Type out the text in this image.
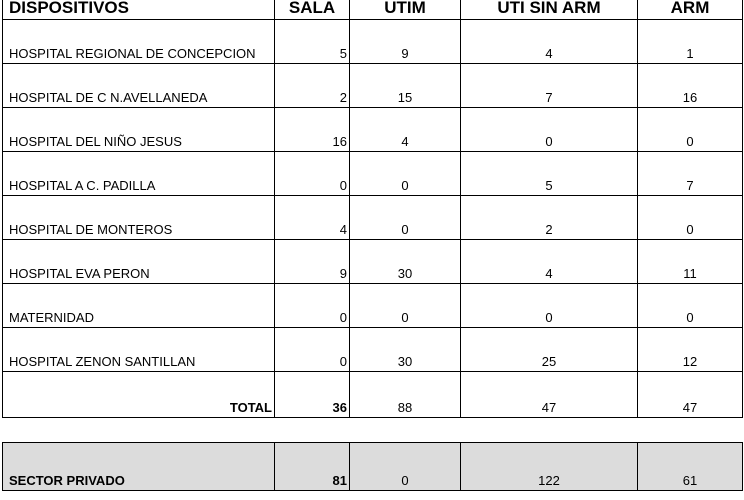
DISPOSITIVOS	SALA	UTIM	UTI SIN ARM	ARM
HOSPITAL REGIONAL DE CONCEPCION	5	9	4	1
HOSPITAL DE C N.AVELLANEDA	2	15	7	16
HOSPITAL DEL NIÑO JESUS	16	4	0	0
HOSPITAL A C. PADILLA	0	0	5	7
HOSPITAL DE MONTEROS	4	0	2	0
HOSPITAL EVA PERON	9	30	4	11
MATERNIDAD	0	0	0	0
HOSPITAL ZENON SANTILLAN	0	30	25	12
TOTAL	36	88	47	47
SECTOR PRIVADO	81	0	122	61
